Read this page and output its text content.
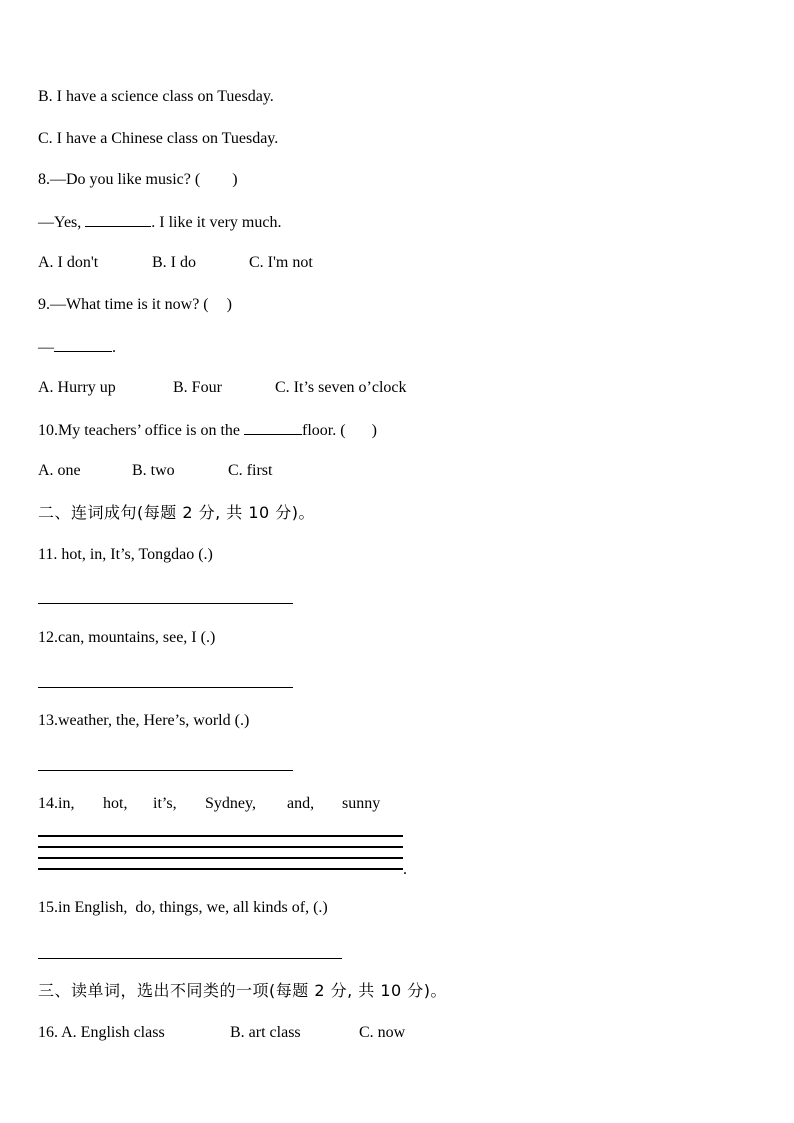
B. I have a science class on Tuesday.
C. I have a Chinese class on Tuesday.
8.—Do you like music? ( )
—Yes,	. I like it very much.
A. I don't	B. I do	C. I'm not
9.—What time is it now? ( )
—	.
A. Hurry up	B. Four	C. It’s seven o’clock
10.My teachers’ office is on the	floor. ( )
A. one	B. two	C. first
二、连词成句(每题 2 分, 共 10 分)。
11. hot, in, It’s, Tongdao (.)
12.can, mountains, see, I (.)
13.weather, the, Here’s, world (.)
14.in, hot, it’s, Sydney, and, sunny
.
15.in English,  do, things, we, all kinds of, (.)
三、读单词，选出不同类的一项(每题 2 分, 共 10 分)。
16. A. English class	B. art class	C. now
